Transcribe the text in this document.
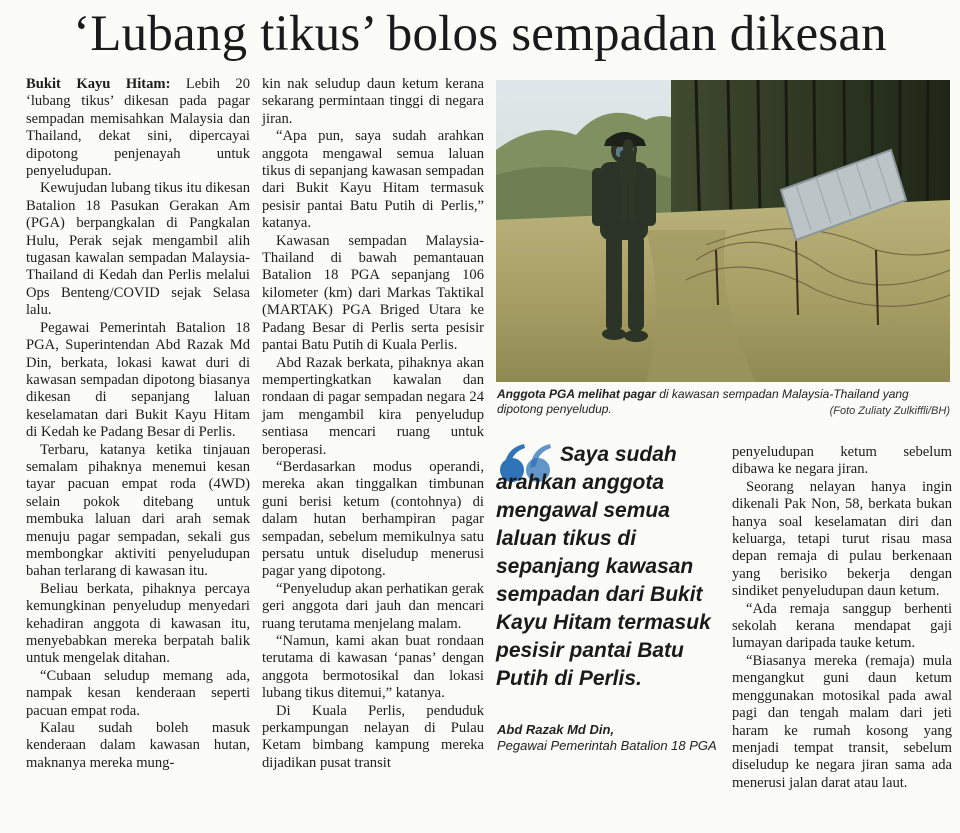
‘Lubang tikus’ bolos sempadan dikesan

Bukit Kayu Hitam: Lebih 20 ‘lubang tikus’ dikesan pada pagar sempadan memisahkan Malaysia dan Thailand, dekat sini, dipercayai dipotong penjenayah untuk penyeludupan.

Kewujudan lubang tikus itu dikesan Batalion 18 Pasukan Gerakan Am (PGA) berpangkalan di Pangkalan Hulu, Perak sejak mengambil alih tugasan kawalan sempadan Malaysia-Thailand di Kedah dan Perlis melalui Ops Benteng/COVID sejak Selasa lalu.

Pegawai Pemerintah Batalion 18 PGA, Superintendan Abd Razak Md Din, berkata, lokasi kawat duri di kawasan sempadan dipotong biasanya dikesan di sepanjang laluan keselamatan dari Bukit Kayu Hitam di Kedah ke Padang Besar di Perlis.

Terbaru, katanya ketika tinjauan semalam pihaknya menemui kesan tayar pacuan empat roda (4WD) selain pokok ditebang untuk membuka laluan dari arah semak menuju pagar sempadan, sekali gus membongkar aktiviti penyeludupan bahan terlarang di kawasan itu.

Beliau berkata, pihaknya percaya kemungkinan penyeludup menyedari kehadiran anggota di kawasan itu, menyebabkan mereka berpatah balik untuk mengelak ditahan.

“Cubaan seludup memang ada, nampak kesan kenderaan seperti pacuan empat roda.

Kalau sudah boleh masuk kenderaan dalam kawasan hutan, maknanya mereka mung-

kin nak seludup daun ketum kerana sekarang permintaan tinggi di negara jiran.

“Apa pun, saya sudah arahkan anggota mengawal semua laluan tikus di sepanjang kawasan sempadan dari Bukit Kayu Hitam termasuk pesisir pantai Batu Putih di Perlis,” katanya.

Kawasan sempadan Malaysia-Thailand di bawah pemantauan Batalion 18 PGA sepanjang 106 kilometer (km) dari Markas Taktikal (MARTAK) PGA Briged Utara ke Padang Besar di Perlis serta pesisir pantai Batu Putih di Kuala Perlis.

Abd Razak berkata, pihaknya akan mempertingkatkan kawalan dan rondaan di pagar sempadan negara 24 jam mengambil kira penyeludup sentiasa mencari ruang untuk beroperasi.

“Berdasarkan modus operandi, mereka akan tinggalkan timbunan guni berisi ketum (contohnya) di dalam hutan berhampiran pagar sempadan, sebelum memikulnya satu persatu untuk diseludup menerusi pagar yang dipotong.

“Penyeludup akan perhatikan gerak geri anggota dari jauh dan mencari ruang terutama menjelang malam.

“Namun, kami akan buat rondaan terutama di kawasan ‘panas’ dengan anggota bermotosikal dan lokasi lubang tikus ditemui,” katanya.

Di Kuala Perlis, penduduk perkampungan nelayan di Pulau Ketam bimbang kampung mereka dijadikan pusat transit

Anggota PGA melihat pagar di kawasan sempadan Malaysia-Thailand yang dipotong penyeludup.	(Foto Zuliaty Zulkiffli/BH)
Saya sudah arahkan anggota mengawal semua laluan tikus di sepanjang kawasan sempadan dari Bukit Kayu Hitam termasuk pesisir pantai Batu Putih di Perlis.
Abd Razak Md Din,
Pegawai Pemerintah Batalion 18 PGA

penyeludupan ketum sebelum dibawa ke negara jiran.

Seorang nelayan hanya ingin dikenali Pak Non, 58, berkata bukan hanya soal keselamatan diri dan keluarga, tetapi turut risau masa depan remaja di pulau berkenaan yang berisiko bekerja dengan sindiket penyeludupan daun ketum.

“Ada remaja sanggup berhenti sekolah kerana mendapat gaji lumayan daripada tauke ketum.

“Biasanya mereka (remaja) mula mengangkut guni daun ketum menggunakan motosikal pada awal pagi dan tengah malam dari jeti haram ke rumah kosong yang menjadi tempat transit, sebelum diseludup ke negara jiran sama ada menerusi jalan darat atau laut.
